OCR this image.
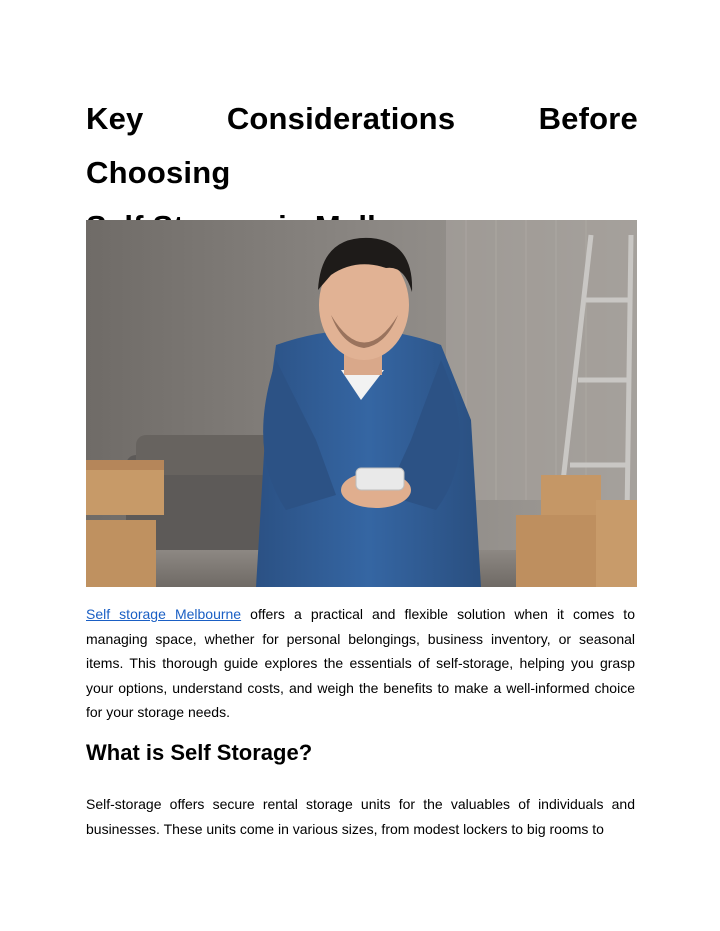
Key Considerations Before Choosing

Self storage Melbourne offers a practical and flexible solution when it comes to managing space, whether for personal belongings, business inventory, or seasonal items. This thorough guide explores the essentials of self-storage, helping you grasp your options, understand costs, and weigh the benefits to make a well-informed choice for your storage needs.

What is Self Storage?

Self-storage offers secure rental storage units for the valuables of individuals and businesses. These units come in various sizes, from modest lockers to big rooms to
